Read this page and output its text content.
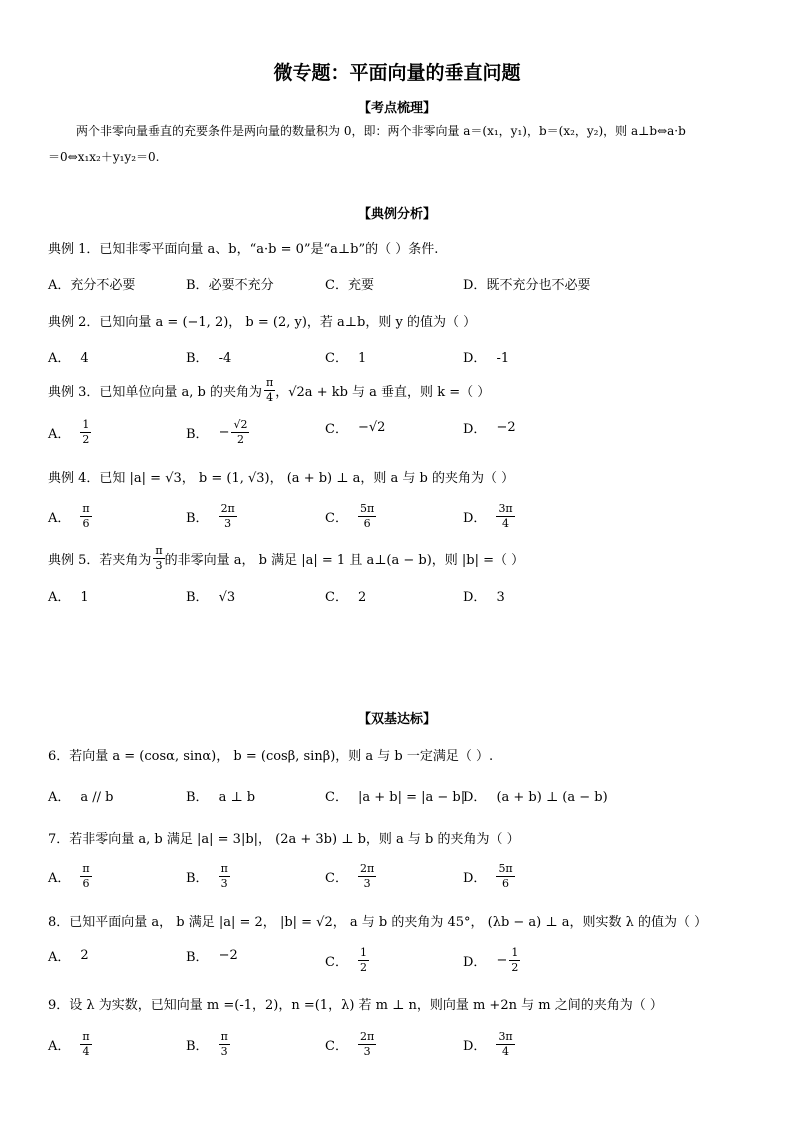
微专题：平面向量的垂直问题
【考点梳理】
两个非零向量垂直的充要条件是两向量的数量积为 0，即：两个非零向量 a＝(x₁，y₁)，b＝(x₂，y₂)，则 a⊥b⇔a·b
＝0⇔x₁x₂＋y₁y₂＝0.
【典例分析】
典例 1．已知非零平面向量 a、b，“a·b = 0”是“a⊥b”的（ ）条件.
A．充分不必要	B．必要不充分	C．充要	D．既不充分也不必要
典例 2．已知向量 a = (−1, 2)， b = (2, y)，若 a⊥b，则 y 的值为（ ）
A． 4	B． -4	C． 1	D． -1
典例 3．已知单位向量 a, b 的夹角为 $\frac{\pi}{4}$ ，√2a + kb 与 a 垂直，则 k =（ ）
A． $\frac{1}{2}$	B． − $\frac{√2}{2}$	C． −√2	D． −2
典例 4．已知 |a| = √3， b = (1, √3)， (a + b) ⊥ a，则 a 与 b 的夹角为（ ）
A． $\frac{\pi}{6}$	B． $\frac{2\pi}{3}$	C． $\frac{5\pi}{6}$	D． $\frac{3\pi}{4}$
典例 5．若夹角为 $\frac{\pi}{3}$ 的非零向量 a， b 满足 |a| = 1 且 a⊥(a − b)，则 |b| =（ ）
A． 1	B． √3	C． 2	D． 3
【双基达标】
6．若向量 a = (cosα, sinα)， b = (cosβ, sinβ)，则 a 与 b 一定满足（ ）.
A． a // b	B． a ⊥ b	C． |a + b| = |a − b|
D． (a + b) ⊥ (a − b)
7．若非零向量 a, b 满足 |a| = 3|b|， (2a + 3b) ⊥ b，则 a 与 b 的夹角为（ ）
A． $\frac{\pi}{6}$	B． $\frac{\pi}{3}$	C． $\frac{2\pi}{3}$	D． $\frac{5\pi}{6}$
8．已知平面向量 a， b 满足 |a| = 2， |b| = √2， a 与 b 的夹角为 45°， (λb − a) ⊥ a，则实数 λ 的值为（ ）
A． 2	B． −2	C． $\frac{1}{2}$	D． − $\frac{1}{2}$
9．设 λ 为实数，已知向量 m =(-1，2)，n =(1，λ) 若 m ⊥ n，则向量 m +2n 与 m 之间的夹角为（ ）
A． $\frac{\pi}{4}$	B． $\frac{\pi}{3}$	C． $\frac{2\pi}{3}$	D． $\frac{3\pi}{4}$
